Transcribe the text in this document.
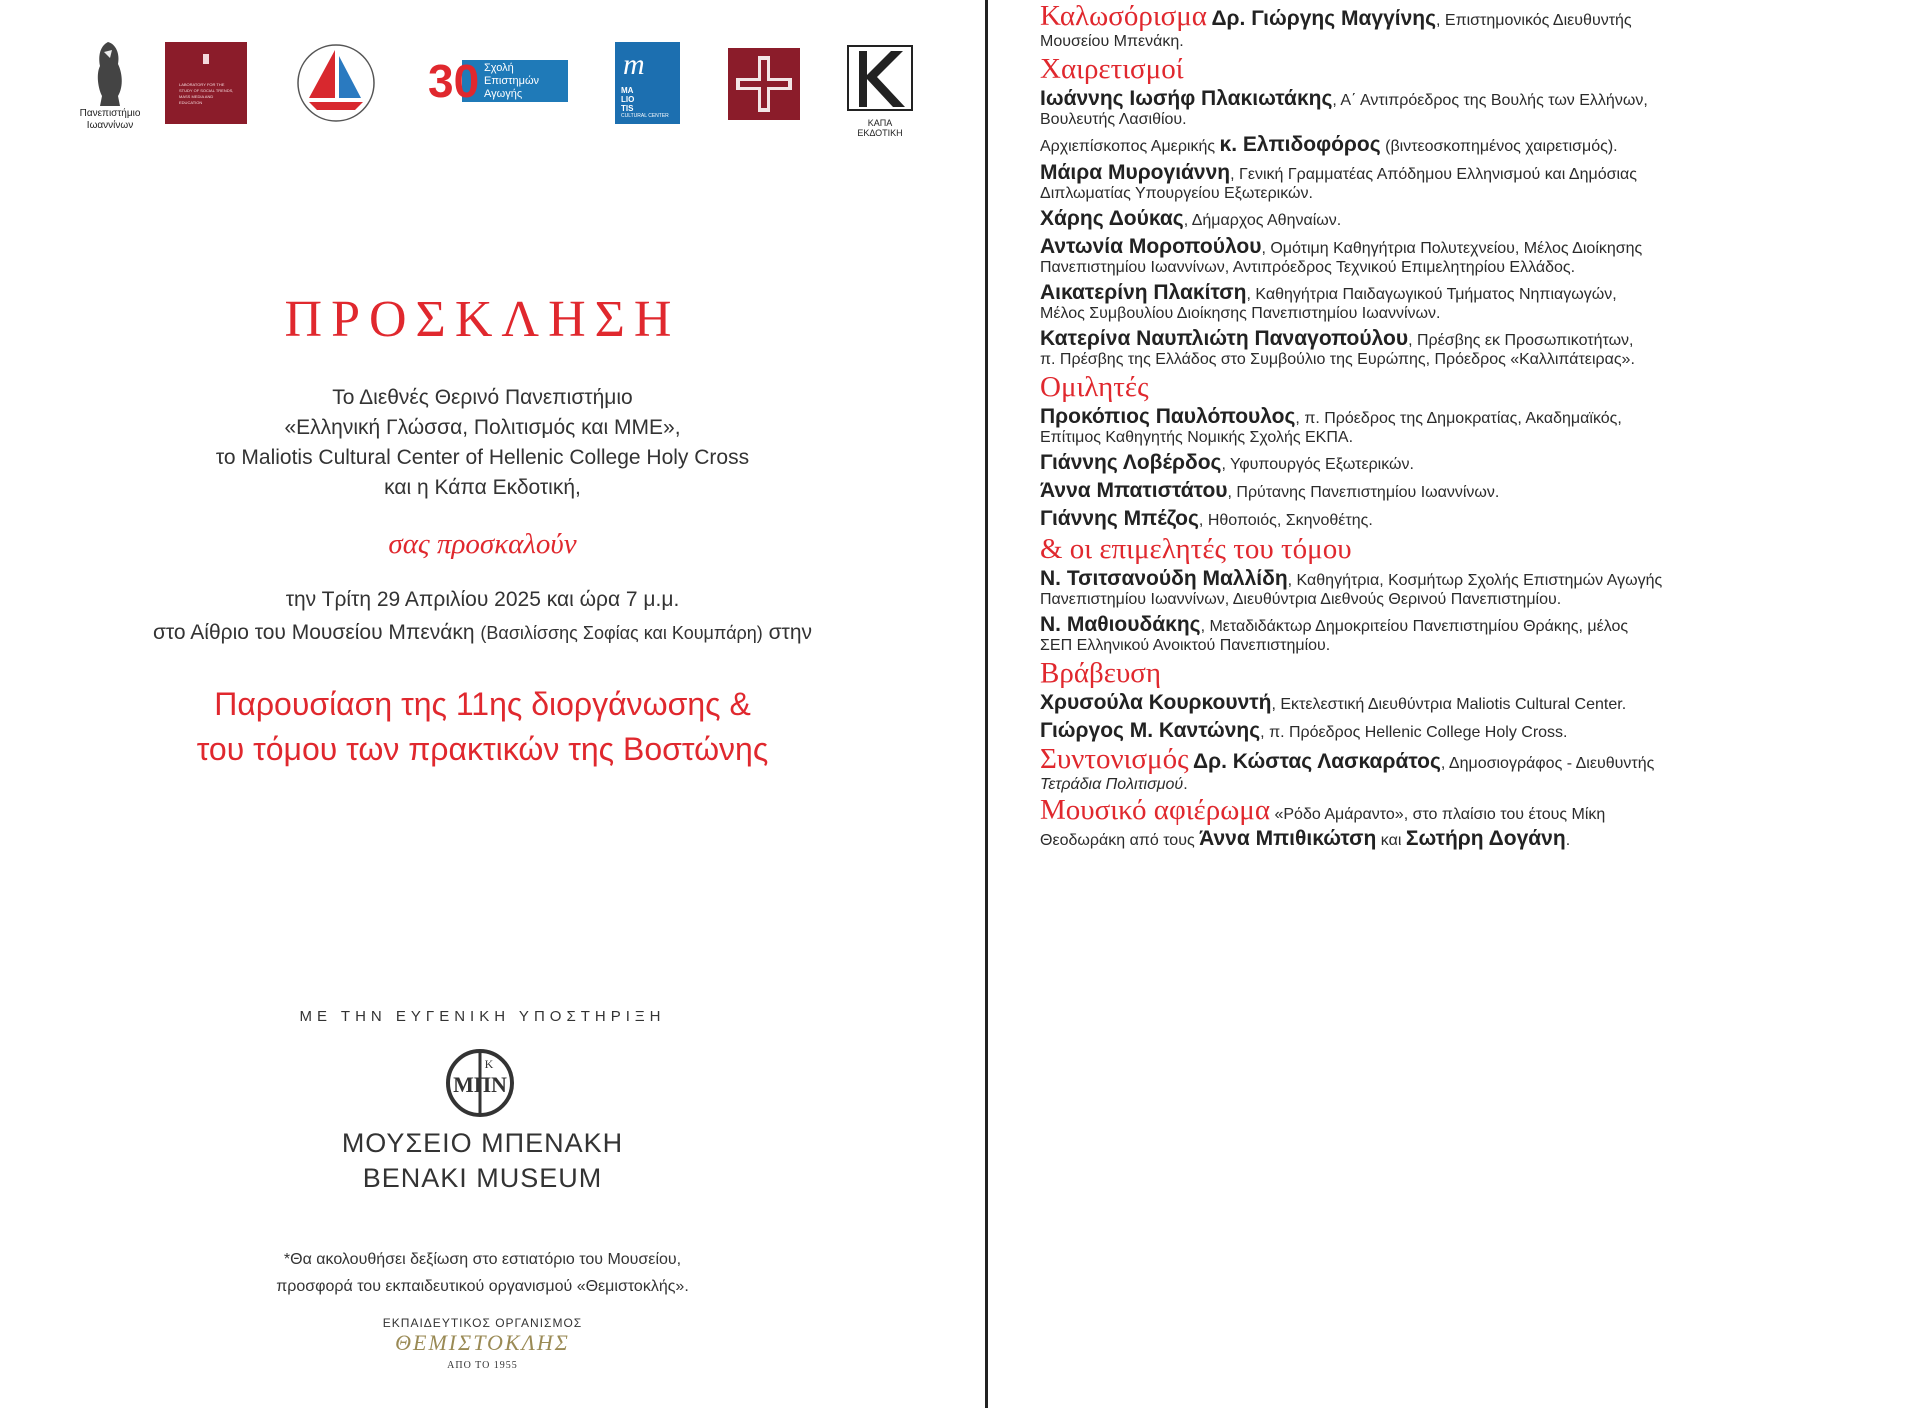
Πανεπιστήμιο
Ιωαννίνων
LABORATORY FOR THE STUDY OF SOCIAL TRENDS, MASS MEDIA AND EDUCATION
Σχολή
Επιστημών
Αγωγής
30	m
MA
LIO
TIS
CULTURAL CENTER
ΚΑΠΑ ΕΚΔΟΤΙΚΗ
ΠΡΟΣΚΛΗΣΗ
Το Διεθνές Θερινό Πανεπιστήμιο
«Ελληνική Γλώσσα, Πολιτισμός και ΜΜΕ»,
το Maliotis Cultural Center of Hellenic College Holy Cross
και η Κάπα Εκδοτική,
σας προσκαλούν
την Τρίτη 29 Απριλίου 2025 και ώρα 7 μ.μ.
στο Αίθριο του Μουσείου Μπενάκη (Βασιλίσσης Σοφίας και Κουμπάρη) στην
Παρουσίαση της 11ης διοργάνωσης &
του τόμου των πρακτικών της Βοστώνης
ΜΕ ΤΗΝ ΕΥΓΕΝΙΚΗ ΥΠΟΣΤΗΡΙΞΗ
ΜΠΝ
Κ
ΜΟΥΣΕΙΟ ΜΠΕΝΑΚΗ
BENAKI MUSEUM
*Θα ακολουθήσει δεξίωση στο εστιατόριο του Μουσείου,
προσφορά του εκπαιδευτικού οργανισμού «Θεμιστοκλής».
ΕΚΠΑΙΔΕΥΤΙΚΟΣ ΟΡΓΑΝΙΣΜΟΣ
ΘΕΜΙΣΤΟΚΛΗΣ
ΑΠΟ ΤΟ 1955
Καλωσόρισμα Δρ. Γιώργης Μαγγίνης, Επιστημονικός Διευθυντής
Μουσείου Μπενάκη.
Χαιρετισμοί
Ιωάννης Ιωσήφ Πλακιωτάκης, Α΄ Αντιπρόεδρος της Βουλής των Ελλήνων,
Βουλευτής Λασιθίου.
Αρχιεπίσκοπος Αμερικής κ. Ελπιδοφόρος (βιντεοσκοπημένος χαιρετισμός).
Μάιρα Μυρογιάννη, Γενική Γραμματέας Απόδημου Ελληνισμού και Δημόσιας
Διπλωματίας Υπουργείου Εξωτερικών.
Χάρης Δούκας, Δήμαρχος Αθηναίων.
Αντωνία Μοροπούλου, Ομότιμη Καθηγήτρια Πολυτεχνείου, Μέλος Διοίκησης
Πανεπιστημίου Ιωαννίνων, Αντιπρόεδρος Τεχνικού Επιμελητηρίου Ελλάδος.
Αικατερίνη Πλακίτση, Καθηγήτρια Παιδαγωγικού Τμήματος Νηπιαγωγών,
Μέλος Συμβουλίου Διοίκησης Πανεπιστημίου Ιωαννίνων.
Κατερίνα Ναυπλιώτη Παναγοπούλου, Πρέσβης εκ Προσωπικοτήτων,
π. Πρέσβης της Ελλάδος στο Συμβούλιο της Ευρώπης, Πρόεδρος «Καλλιπάτειρας».
Ομιλητές
Προκόπιος Παυλόπουλος, π. Πρόεδρος της Δημοκρατίας, Ακαδημαϊκός,
Επίτιμος Καθηγητής Νομικής Σχολής ΕΚΠΑ.
Γιάννης Λοβέρδος, Υφυπουργός Εξωτερικών.
Άννα Μπατιστάτου, Πρύτανης Πανεπιστημίου Ιωαννίνων.
Γιάννης Μπέζος, Ηθοποιός, Σκηνοθέτης.
& οι επιμελητές του τόμου
Ν. Τσιτσανούδη Μαλλίδη, Καθηγήτρια, Κοσμήτωρ Σχολής Επιστημών Αγωγής
Πανεπιστημίου Ιωαννίνων, Διευθύντρια Διεθνούς Θερινού Πανεπιστημίου.
Ν. Μαθιουδάκης, Μεταδιδάκτωρ Δημοκριτείου Πανεπιστημίου Θράκης, μέλος
ΣΕΠ Ελληνικού Ανοικτού Πανεπιστημίου.
Βράβευση
Χρυσούλα Κουρκουντή, Εκτελεστική Διευθύντρια Maliotis Cultural Center.
Γιώργος Μ. Καντώνης, π. Πρόεδρος Hellenic College Holy Cross.
Συντονισμός Δρ. Κώστας Λασκαράτος, Δημοσιογράφος - Διευθυντής
Τετράδια Πολιτισμού.
Μουσικό αφιέρωμα «Ρόδο Αμάραντο», στο πλαίσιο του έτους Μίκη
Θεοδωράκη από τους Άννα Μπιθικώτση και Σωτήρη Δογάνη.
